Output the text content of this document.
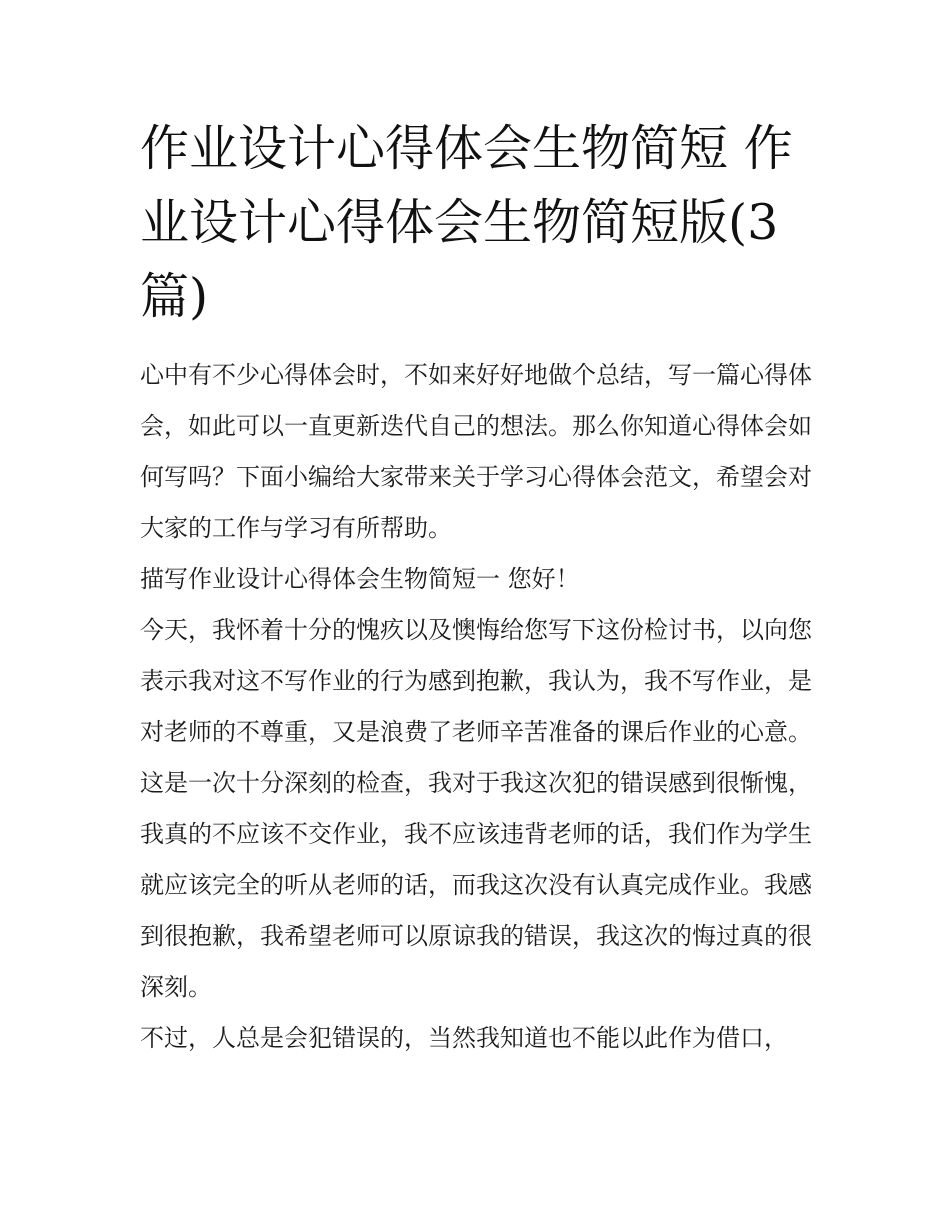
作业设计心得体会生物简短 作业设计心得体会生物简短版(3篇)

心中有不少心得体会时，不如来好好地做个总结，写一篇心得体会，如此可以一直更新迭代自己的想法。那么你知道心得体会如何写吗？下面小编给大家带来关于学习心得体会范文，希望会对大家的工作与学习有所帮助。

描写作业设计心得体会生物简短一 您好！

今天，我怀着十分的愧疚以及懊悔给您写下这份检讨书，以向您表示我对这不写作业的行为感到抱歉，我认为，我不写作业，是对老师的不尊重，又是浪费了老师辛苦准备的课后作业的心意。

这是一次十分深刻的检查，我对于我这次犯的错误感到很惭愧，我真的不应该不交作业，我不应该违背老师的话，我们作为学生就应该完全的听从老师的话，而我这次没有认真完成作业。我感到很抱歉，我希望老师可以原谅我的错误，我这次的悔过真的很深刻。

不过，人总是会犯错误的，当然我知道也不能以此作为借口，
